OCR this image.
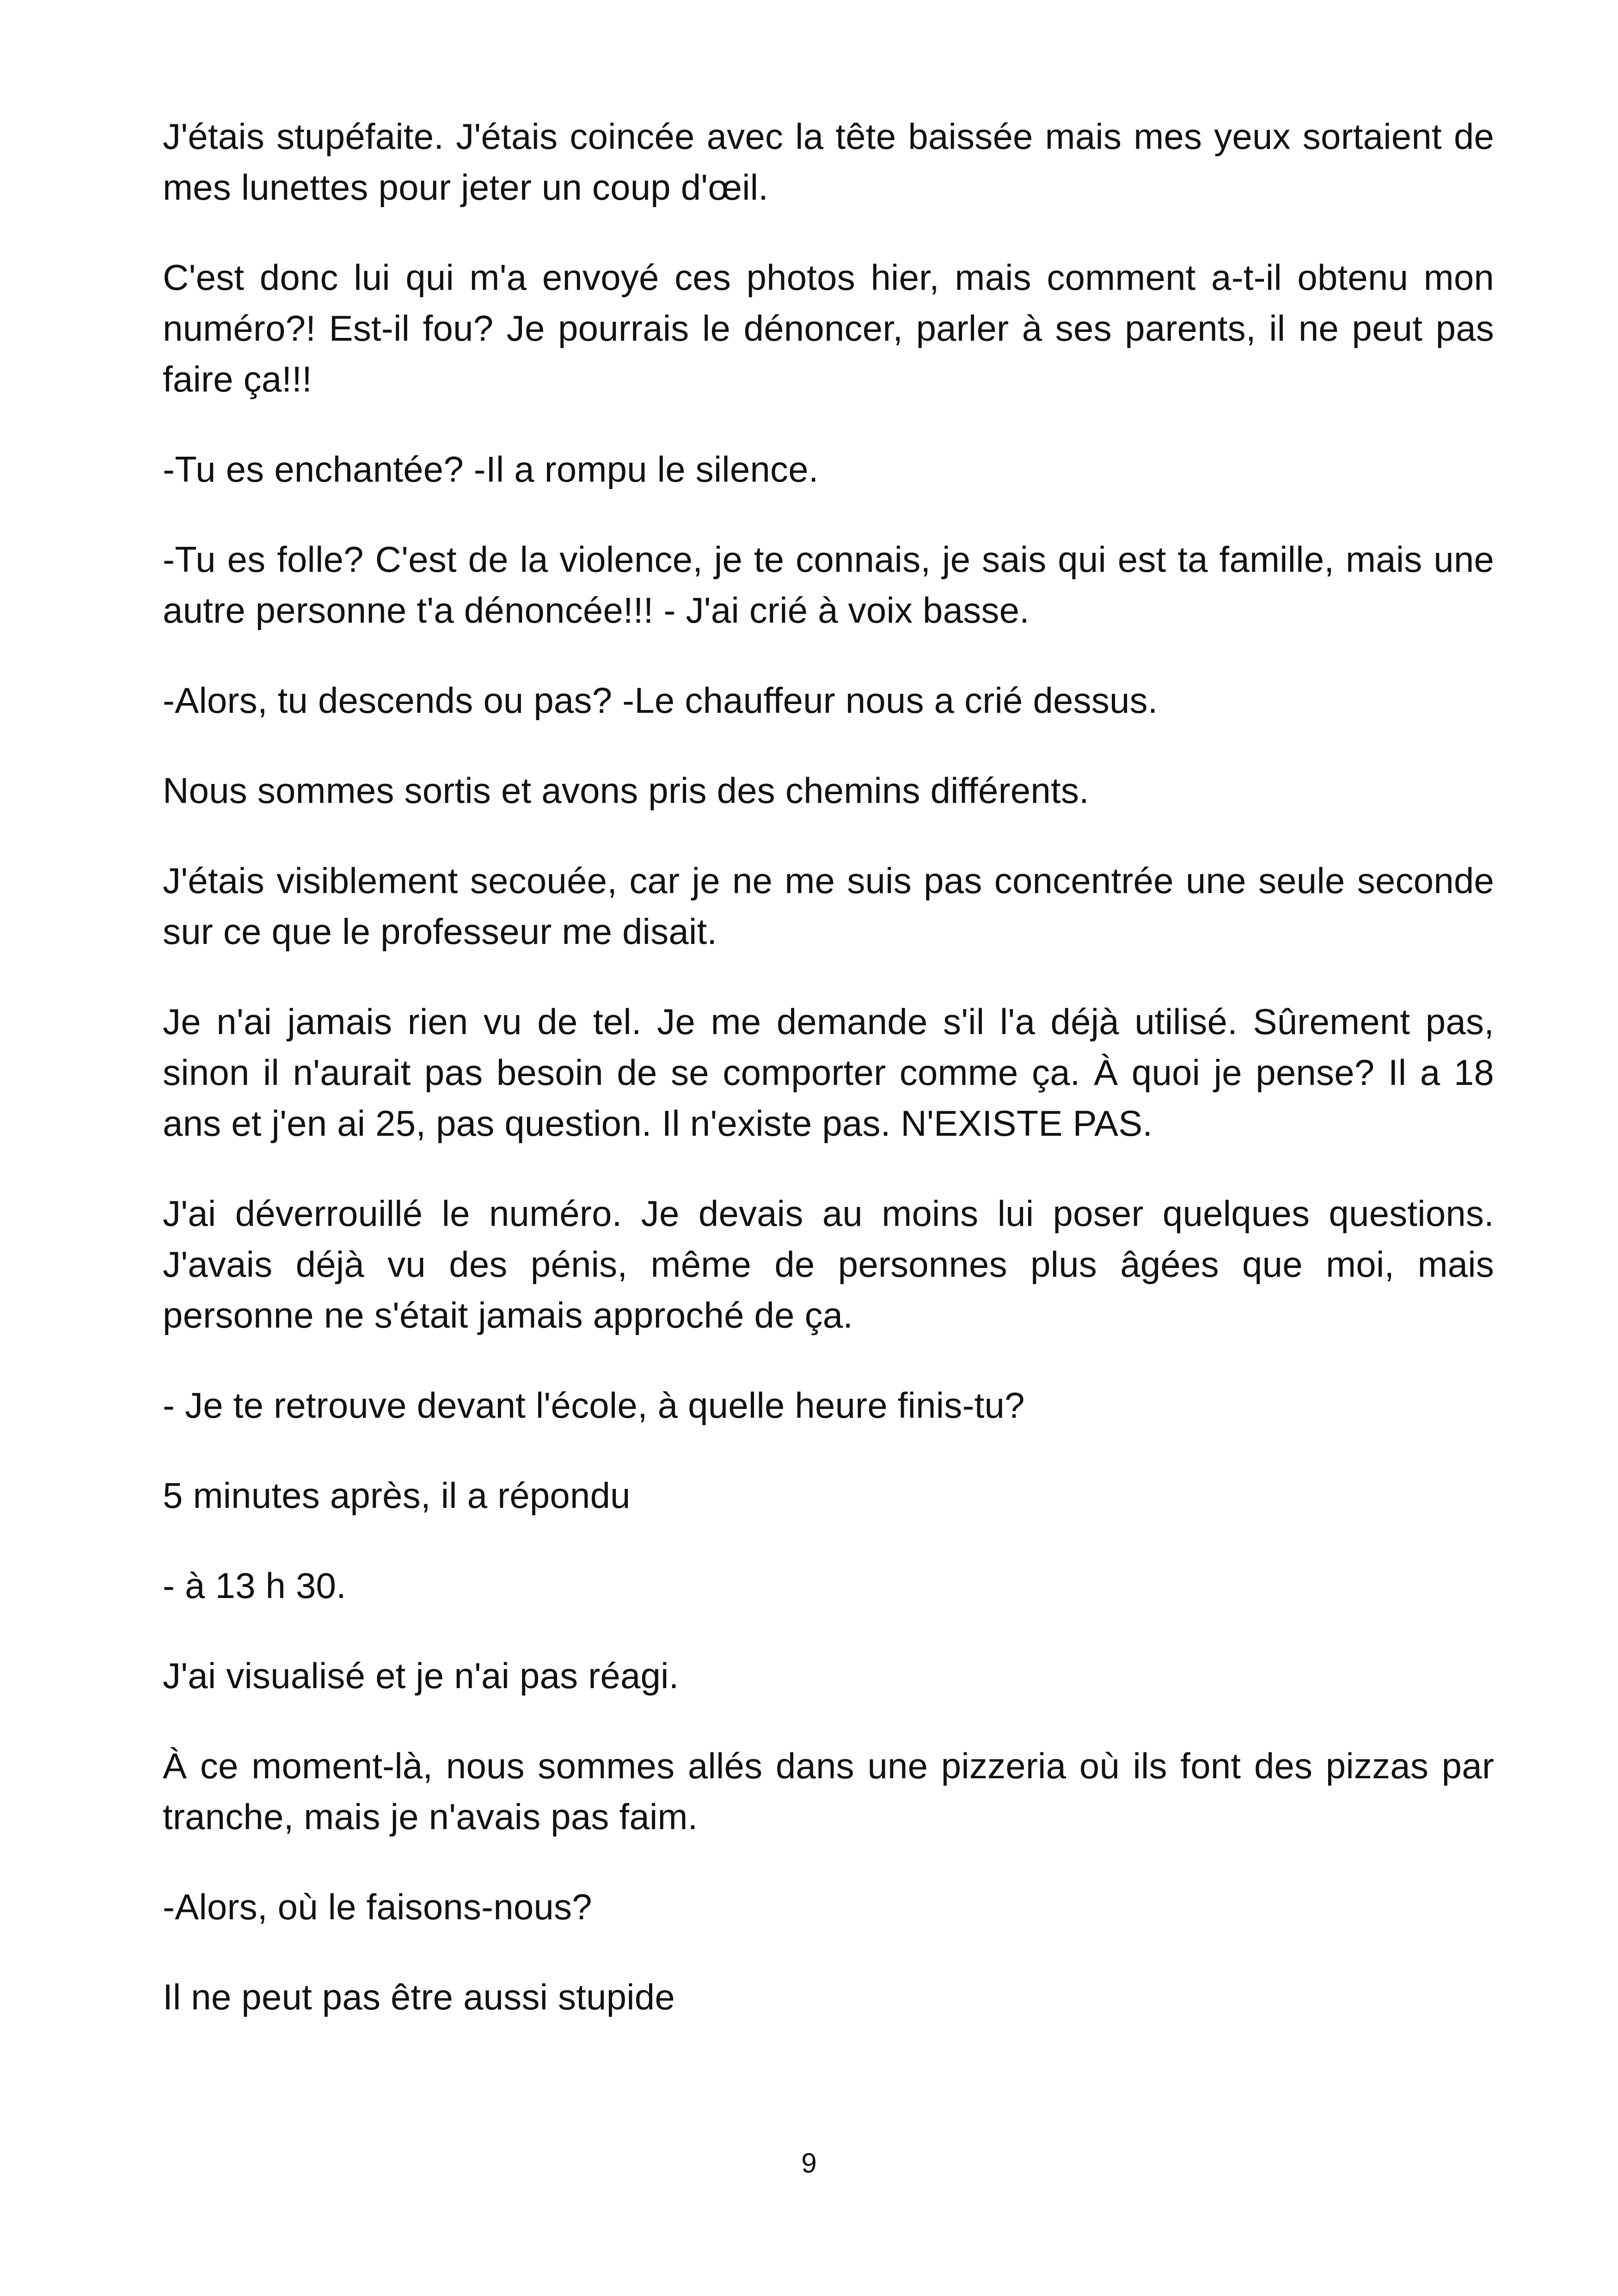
J'étais stupéfaite. J'étais coincée avec la tête baissée mais mes yeux sortaient de mes lunettes pour jeter un coup d'œil.

C'est donc lui qui m'a envoyé ces photos hier, mais comment a-t-il obtenu mon numéro?! Est-il fou? Je pourrais le dénoncer, parler à ses parents, il ne peut pas faire ça!!!

-Tu es enchantée? -Il a rompu le silence.

-Tu es folle? C'est de la violence, je te connais, je sais qui est ta famille, mais une autre personne t'a dénoncée!!! - J'ai crié à voix basse.

-Alors, tu descends ou pas? -Le chauffeur nous a crié dessus.

Nous sommes sortis et avons pris des chemins différents.

J'étais visiblement secouée, car je ne me suis pas concentrée une seule seconde sur ce que le professeur me disait.

Je n'ai jamais rien vu de tel. Je me demande s'il l'a déjà utilisé. Sûrement pas, sinon il n'aurait pas besoin de se comporter comme ça. À quoi je pense? Il a 18 ans et j'en ai 25, pas question. Il n'existe pas. N'EXISTE PAS.

J'ai déverrouillé le numéro. Je devais au moins lui poser quelques questions. J'avais déjà vu des pénis, même de personnes plus âgées que moi, mais personne ne s'était jamais approché de ça.

- Je te retrouve devant l'école, à quelle heure finis-tu?

5 minutes après, il a répondu

- à 13 h 30.

J'ai visualisé et je n'ai pas réagi.

À ce moment-là, nous sommes allés dans une pizzeria où ils font des pizzas par tranche, mais je n'avais pas faim.

-Alors, où le faisons-nous?

Il ne peut pas être aussi stupide

9
